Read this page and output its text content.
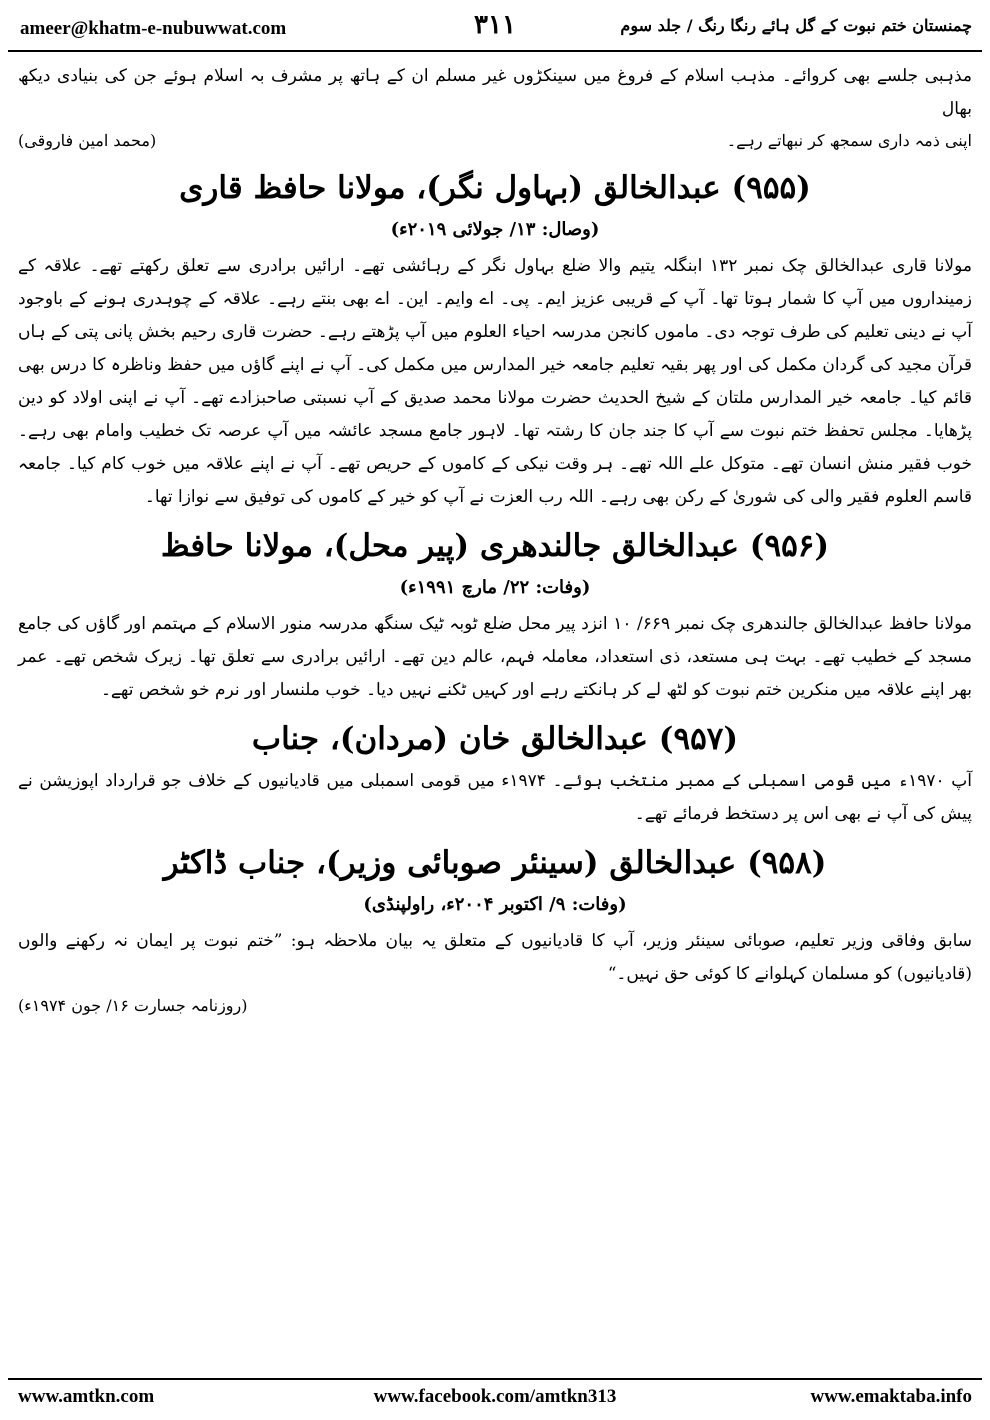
ameer@khatm-e-nubuwwat.com	۳۱۱	چمنستان ختم نبوت کے گل ہائے رنگا رنگ / جلد سوم

مذہبی جلسے بھی کروائے۔ مذہب اسلام کے فروغ میں سینکڑوں غیر مسلم ان کے ہاتھ پر مشرف بہ اسلام ہوئے جن کی بنیادی دیکھ بھال

اپنی ذمہ داری سمجھ کر نبھاتے رہے۔
(محمد امین فاروقی)
(۹۵۵) عبدالخالق (بہاول نگر)، مولانا حافظ قاری
(وصال: ۱۳/ جولائی ۲۰۱۹ء)

مولانا قاری عبدالخالق چک نمبر ۱۳۲ ابنگلہ یتیم والا ضلع بہاول نگر کے رہائشی تھے۔ ارائیں برادری سے تعلق رکھتے تھے۔ علاقہ کے زمینداروں میں آپ کا شمار ہوتا تھا۔ آپ کے قریبی عزیز ایم۔ پی۔ اے وایم۔ این۔ اے بھی بنتے رہے۔ علاقہ کے چوہدری ہونے کے باوجود آپ نے دینی تعلیم کی طرف توجہ دی۔ ماموں کانجن مدرسہ احیاء العلوم میں آپ پڑھتے رہے۔ حضرت قاری رحیم بخش پانی پتی کے ہاں قرآن مجید کی گردان مکمل کی اور پھر بقیہ تعلیم جامعہ خیر المدارس میں مکمل کی۔ آپ نے اپنے گاؤں میں حفظ وناظرہ کا درس بھی قائم کیا۔ جامعہ خیر المدارس ملتان کے شیخ الحدیث حضرت مولانا محمد صدیق کے آپ نسبتی صاحبزادے تھے۔ آپ نے اپنی اولاد کو دین پڑھایا۔ مجلس تحفظ ختم نبوت سے آپ کا جند جان کا رشتہ تھا۔ لاہور جامع مسجد عائشہ میں آپ عرصہ تک خطیب وامام بھی رہے۔ خوب فقیر منش انسان تھے۔ متوکل علے اللہ تھے۔ ہر وقت نیکی کے کاموں کے حریص تھے۔ آپ نے اپنے علاقہ میں خوب کام کیا۔ جامعہ قاسم العلوم فقیر والی کی شوریٰ کے رکن بھی رہے۔ اللہ رب العزت نے آپ کو خیر کے کاموں کی توفیق سے نوازا تھا۔

(۹۵۶) عبدالخالق جالندھری (پیر محل)، مولانا حافظ
(وفات: ۲۲/ مارچ ۱۹۹۱ء)

مولانا حافظ عبدالخالق جالندھری چک نمبر ۶۶۹/ ۱۰ انزد پیر محل ضلع ٹوبہ ٹیک سنگھ مدرسہ منور الاسلام کے مہتمم اور گاؤں کی جامع مسجد کے خطیب تھے۔ بہت ہی مستعد، ذی استعداد، معاملہ فہم، عالم دین تھے۔ ارائیں برادری سے تعلق تھا۔ زیرک شخص تھے۔ عمر بھر اپنے علاقہ میں منکرین ختم نبوت کو لٹھ لے کر ہانکتے رہے اور کہیں ٹکنے نہیں دیا۔ خوب ملنسار اور نرم خو شخص تھے۔

(۹۵۷) عبدالخالق خان (مردان)، جناب

آپ ۱۹۷۰ء میں قومی اسمبلی کے ممبر منتخب ہوئے۔ ۱۹۷۴ء میں قومی اسمبلی میں قادیانیوں کے خلاف جو قرارداد اپوزیشن نے پیش کی آپ نے بھی اس پر دستخط فرمائے تھے۔

(۹۵۸) عبدالخالق (سینئر صوبائی وزیر)، جناب ڈاکٹر
(وفات: ۹/ اکتوبر ۲۰۰۴ء، راولپنڈی)

سابق وفاقی وزیر تعلیم، صوبائی سینئر وزیر، آپ کا قادیانیوں کے متعلق یہ بیان ملاحظہ ہو: ”ختم نبوت پر ایمان نہ رکھنے والوں (قادیانیوں) کو مسلمان کہلوانے کا کوئی حق نہیں۔“

(روزنامہ جسارت ۱۶/ جون ۱۹۷۴ء)
www.amtkn.com	www.facebook.com/amtkn313	www.emaktaba.info
